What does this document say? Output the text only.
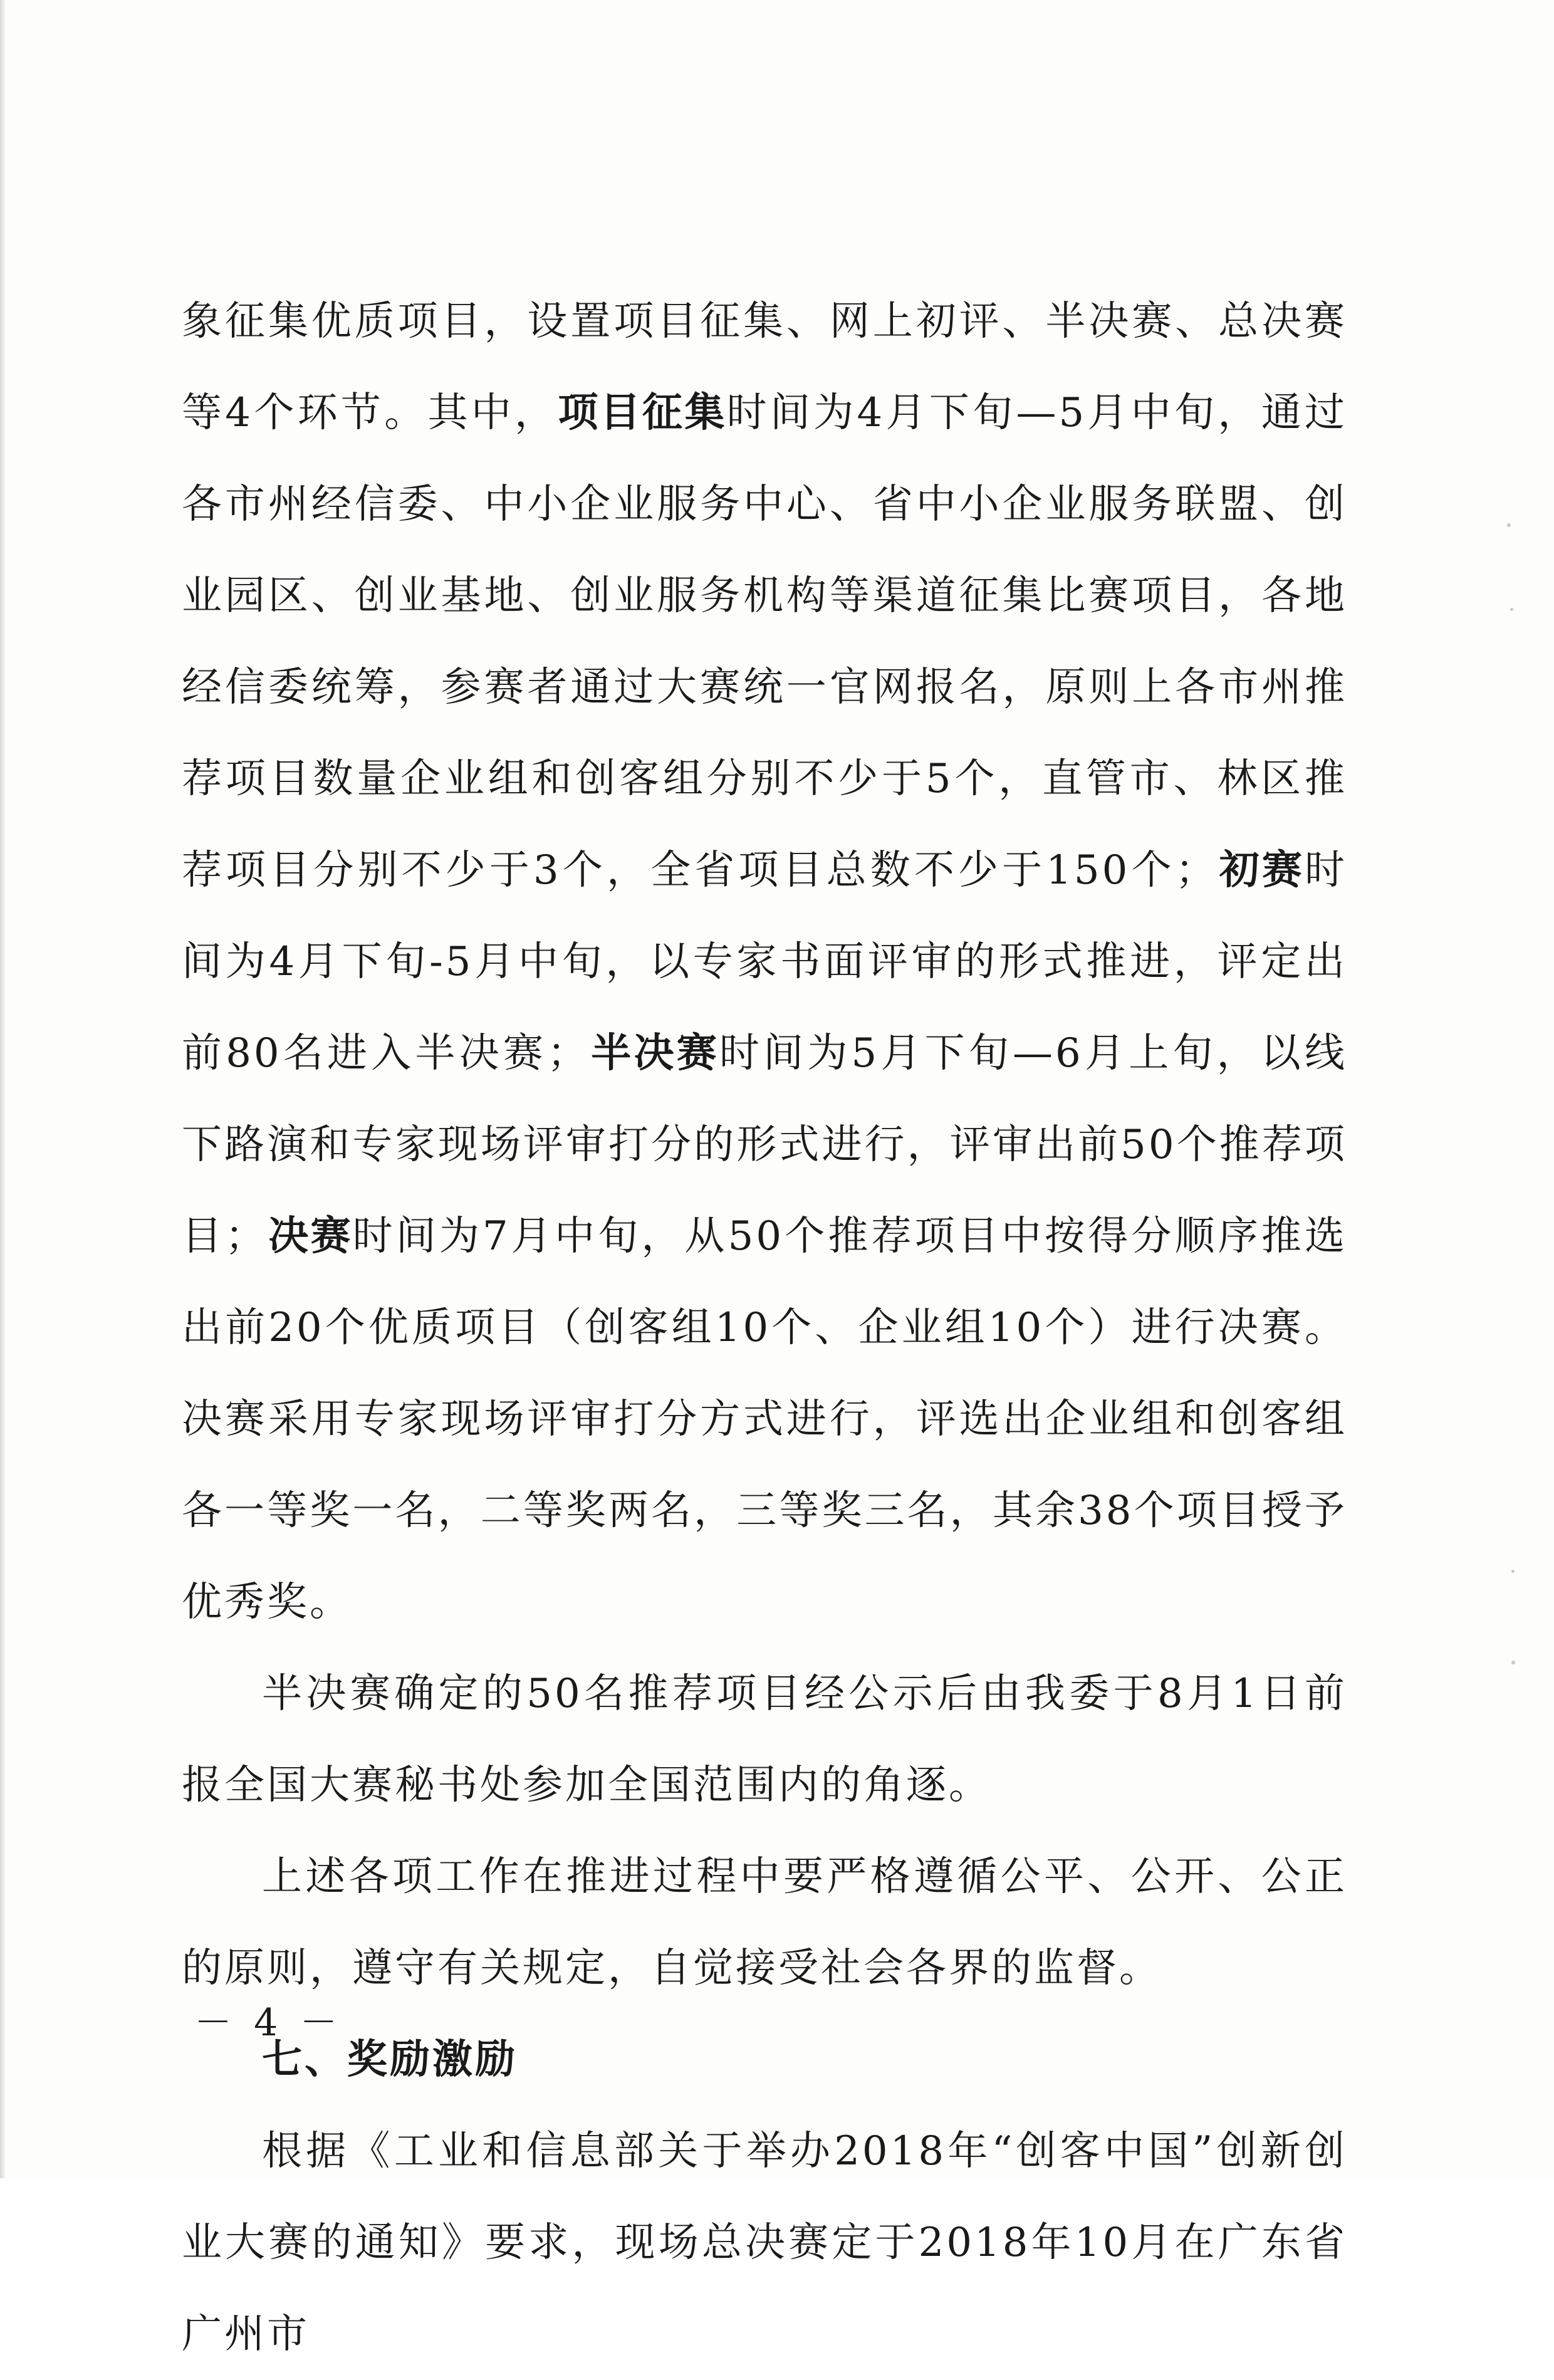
象征集优质项目，设置项目征集、网上初评、半决赛、总决赛等4个环节。其中，项目征集时间为4月下旬—5月中旬，通过各市州经信委、中小企业服务中心、省中小企业服务联盟、创业园区、创业基地、创业服务机构等渠道征集比赛项目，各地经信委统筹，参赛者通过大赛统一官网报名，原则上各市州推荐项目数量企业组和创客组分别不少于5个，直管市、林区推荐项目分别不少于3个，全省项目总数不少于150个；初赛时间为4月下旬-5月中旬，以专家书面评审的形式推进，评定出前80名进入半决赛；半决赛时间为5月下旬—6月上旬，以线下路演和专家现场评审打分的形式进行，评审出前50个推荐项目；决赛时间为7月中旬，从50个推荐项目中按得分顺序推选出前20个优质项目（创客组10个、企业组10个）进行决赛。决赛采用专家现场评审打分方式进行，评选出企业组和创客组各一等奖一名，二等奖两名，三等奖三名，其余38个项目授予优秀奖。

半决赛确定的50名推荐项目经公示后由我委于8月1日前报全国大赛秘书处参加全国范围内的角逐。

上述各项工作在推进过程中要严格遵循公平、公开、公正的原则，遵守有关规定，自觉接受社会各界的监督。

七、奖励激励

根据《工业和信息部关于举办2018年“创客中国”创新创业大赛的通知》要求，现场总决赛定于2018年10月在广东省广州市

－ 4 －
